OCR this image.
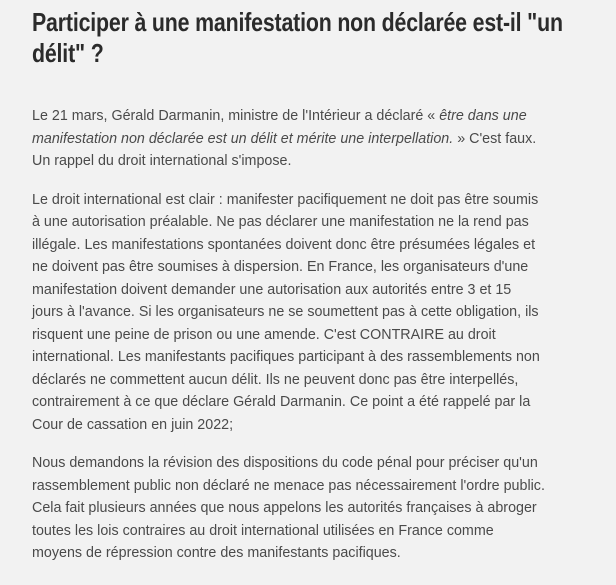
Participer à une manifestation non déclarée est-il "un
délit" ?

Le 21 mars, Gérald Darmanin, ministre de l'Intérieur a déclaré « être dans une
manifestation non déclarée est un délit et mérite une interpellation. » C'est faux.
Un rappel du droit international s'impose.

Le droit international est clair : manifester pacifiquement ne doit pas être soumis
à une autorisation préalable. Ne pas déclarer une manifestation ne la rend pas
illégale. Les manifestations spontanées doivent donc être présumées légales et
ne doivent pas être soumises à dispersion. En France, les organisateurs d'une
manifestation doivent demander une autorisation aux autorités entre 3 et 15
jours à l'avance. Si les organisateurs ne se soumettent pas à cette obligation, ils
risquent une peine de prison ou une amende. C'est CONTRAIRE au droit
international. Les manifestants pacifiques participant à des rassemblements non
déclarés ne commettent aucun délit. Ils ne peuvent donc pas être interpellés,
contrairement à ce que déclare Gérald Darmanin. Ce point a été rappelé par la
Cour de cassation en juin 2022;

Nous demandons la révision des dispositions du code pénal pour préciser qu'un
rassemblement public non déclaré ne menace pas nécessairement l'ordre public.
Cela fait plusieurs années que nous appelons les autorités françaises à abroger
toutes les lois contraires au droit international utilisées en France comme
moyens de répression contre des manifestants pacifiques.
